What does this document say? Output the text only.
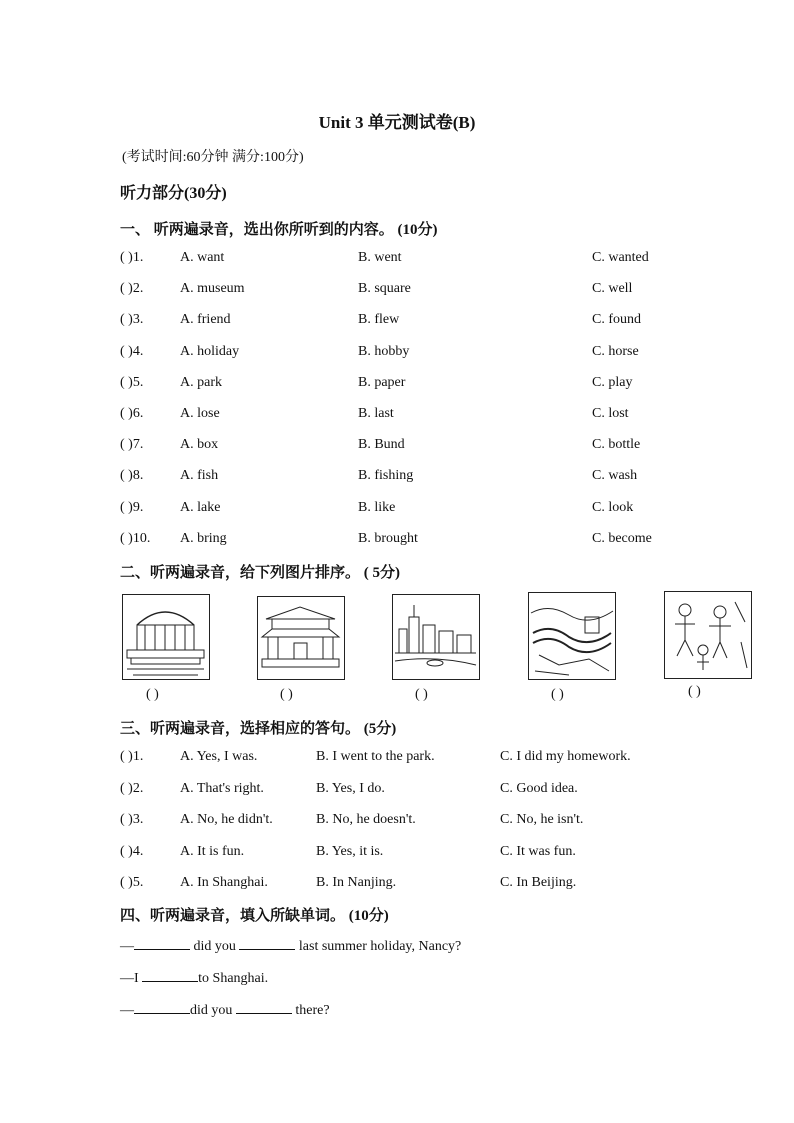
Unit 3 单元测试卷(B)
(考试时间:60分钟 满分:100分)
听力部分(30分)
一、 听两遍录音，选出你所听到的内容。 (10分)
( )1.	A. want	B. went	C. wanted
( )2.	A. museum	B. square	C. well
( )3.	A. friend	B. flew	C. found
( )4.	A. holiday	B. hobby	C. horse
( )5.	A. park	B. paper	C. play
( )6.	A. lose	B. last	C. lost
( )7.	A. box	B. Bund	C. bottle
( )8.	A. fish	B. fishing	C. wash
( )9.	A. lake	B. like	C. look
( )10. A. bring	B. brought	C. become
二、听两遍录音，给下列图片排序。 ( 5分)
( )	( )	( )	( )	( )
三、听两遍录音，选择相应的答句。 (5分)
( )1.	A. Yes, I was.	B. I went to the park.	C. I did my homework.
( )2.	A. That's right.	B. Yes, I do.	C. Good idea.
( )3.	A. No, he didn't.	B. No, he doesn't.	C. No, he isn't.
( )4.	A. It is fun.	B. Yes, it is.	C. It was fun.
( )5.	A. In Shanghai.	B. In Nanjing.	C. In Beijing.
四、听两遍录音，填入所缺单词。 (10分)
—	did you	last summer holiday, Nancy?
—I	to Shanghai.
—	did you	there?
